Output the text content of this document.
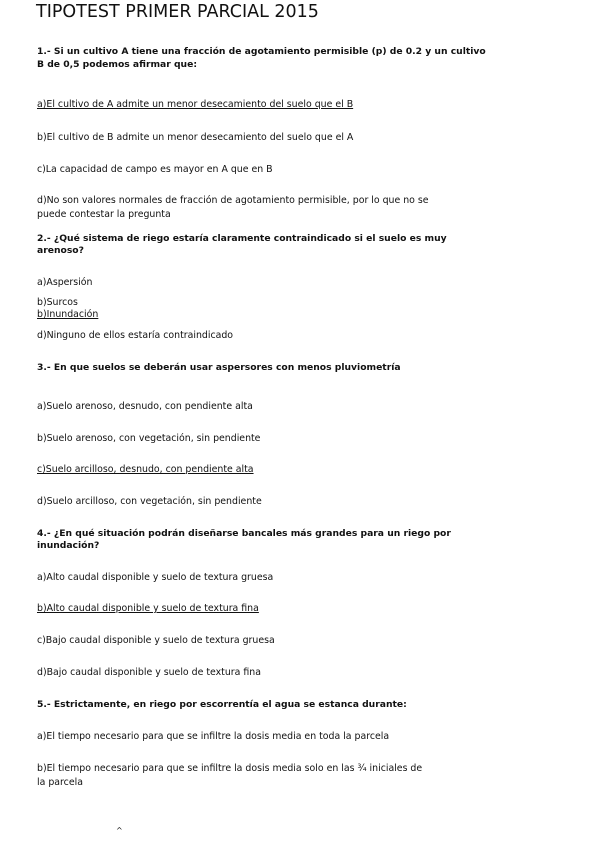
TIPOTEST PRIMER PARCIAL 2015
1.- Si un cultivo A tiene una fracción de agotamiento permisible (p) de 0.2 y un cultivo
B de 0,5 podemos afirmar que:
a)El cultivo de A admite un menor desecamiento del suelo que el B
b)El cultivo de B admite un menor desecamiento del suelo que el A
c)La capacidad de campo es mayor en A que en B
d)No son valores normales de fracción de agotamiento permisible, por lo que no se
puede contestar la pregunta
2.- ¿Qué sistema de riego estaría claramente contraindicado si el suelo es muy
arenoso?
a)Aspersión
b)Surcos
b)Inundación
d)Ninguno de ellos estaría contraindicado
3.- En que suelos se deberán usar aspersores con menos pluviometría
a)Suelo arenoso, desnudo, con pendiente alta
b)Suelo arenoso, con vegetación, sin pendiente
c)Suelo arcilloso, desnudo, con pendiente alta
d)Suelo arcilloso, con vegetación, sin pendiente
4.- ¿En qué situación podrán diseñarse bancales más grandes para un riego por
inundación?
a)Alto caudal disponible y suelo de textura gruesa
b)Alto caudal disponible y suelo de textura fina
c)Bajo caudal disponible y suelo de textura gruesa
d)Bajo caudal disponible y suelo de textura fina
5.- Estrictamente, en riego por escorrentía el agua se estanca durante:
a)El tiempo necesario para que se infiltre la dosis media en toda la parcela
b)El tiempo necesario para que se infiltre la dosis media solo en las ¾ iniciales de
la parcela
^
